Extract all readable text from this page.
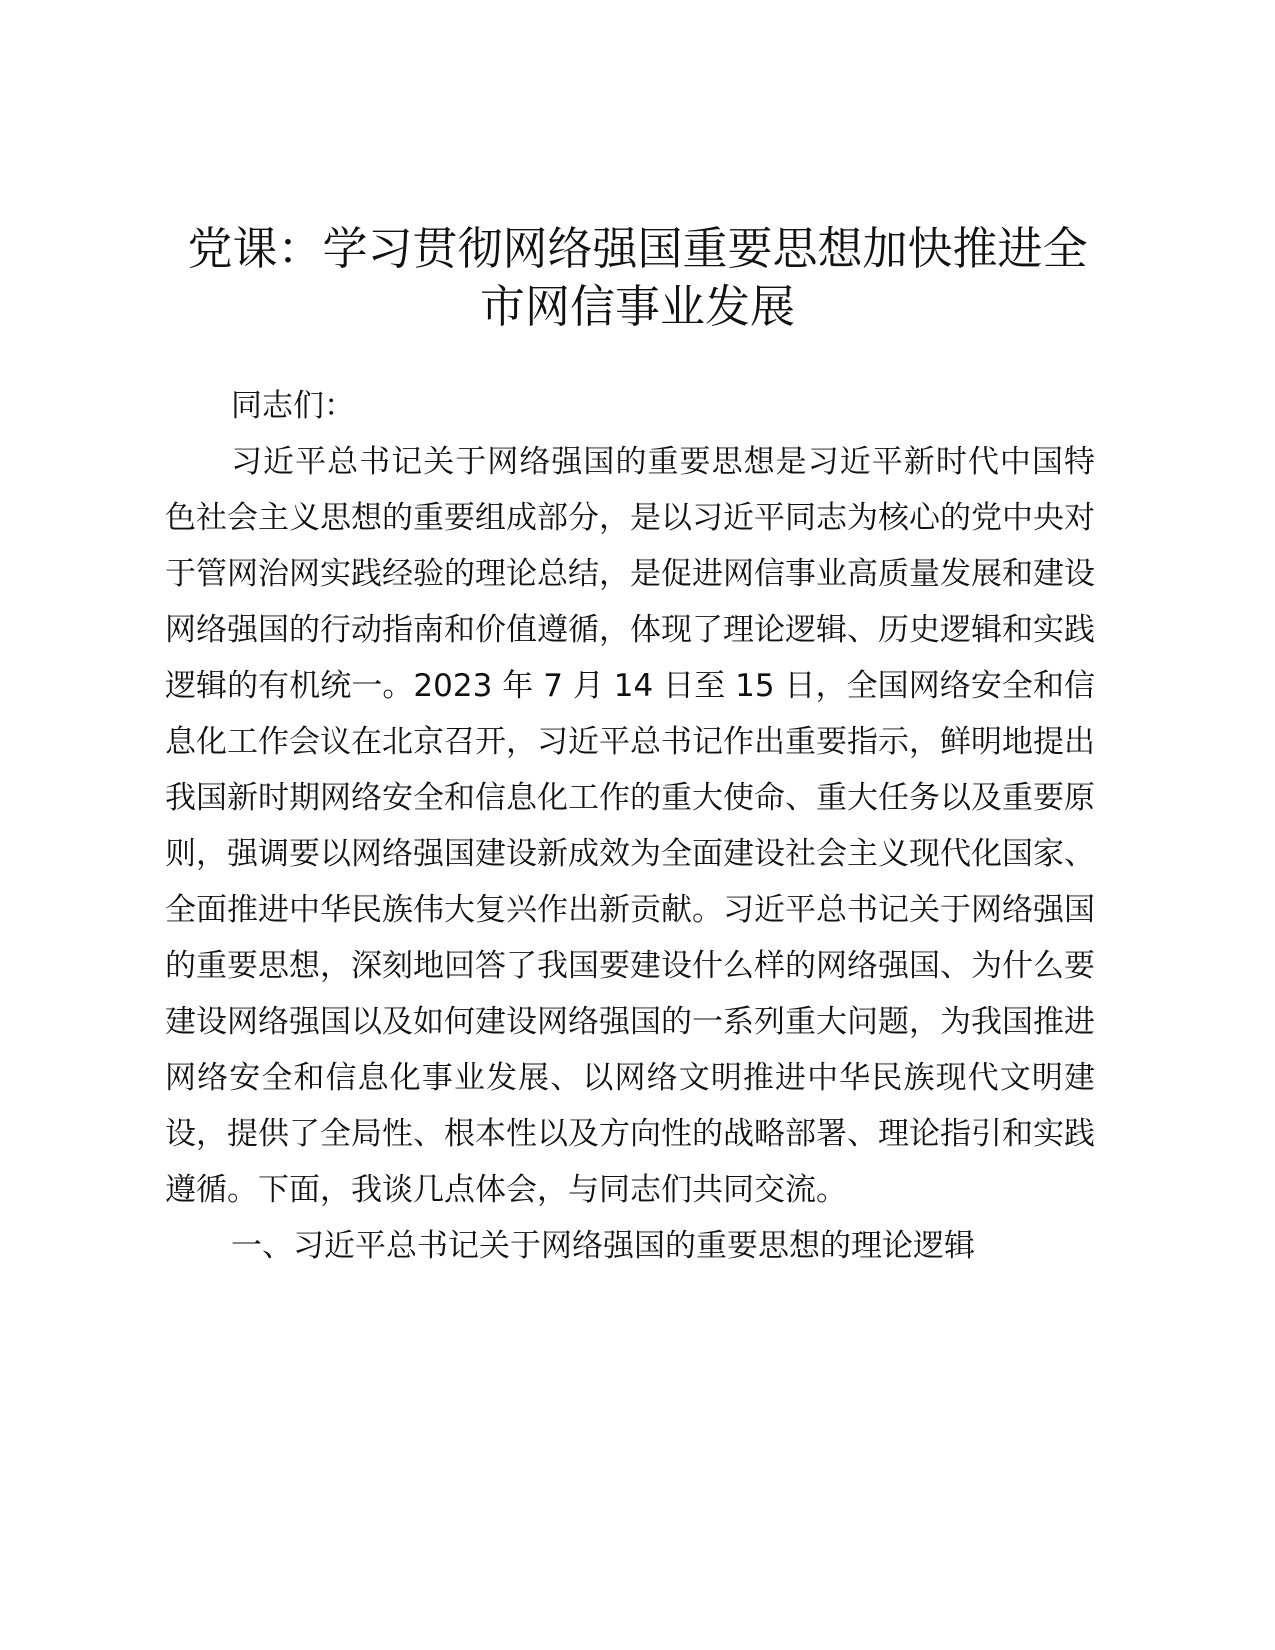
党课：学习贯彻网络强国重要思想加快推进全
市网信事业发展

同志们：

习近平总书记关于网络强国的重要思想是习近平新时代中国特色社会主义思想的重要组成部分，是以习近平同志为核心的党中央对于管网治网实践经验的理论总结，是促进网信事业高质量发展和建设网络强国的行动指南和价值遵循，体现了理论逻辑、历史逻辑和实践逻辑的有机统一。2023 年 7 月 14 日至 15 日，全国网络安全和信息化工作会议在北京召开，习近平总书记作出重要指示，鲜明地提出我国新时期网络安全和信息化工作的重大使命、重大任务以及重要原则，强调要以网络强国建设新成效为全面建设社会主义现代化国家、全面推进中华民族伟大复兴作出新贡献。习近平总书记关于网络强国的重要思想，深刻地回答了我国要建设什么样的网络强国、为什么要建设网络强国以及如何建设网络强国的一系列重大问题，为我国推进网络安全和信息化事业发展、以网络文明推进中华民族现代文明建设，提供了全局性、根本性以及方向性的战略部署、理论指引和实践遵循。下面，我谈几点体会，与同志们共同交流。

一、习近平总书记关于网络强国的重要思想的理论逻辑
